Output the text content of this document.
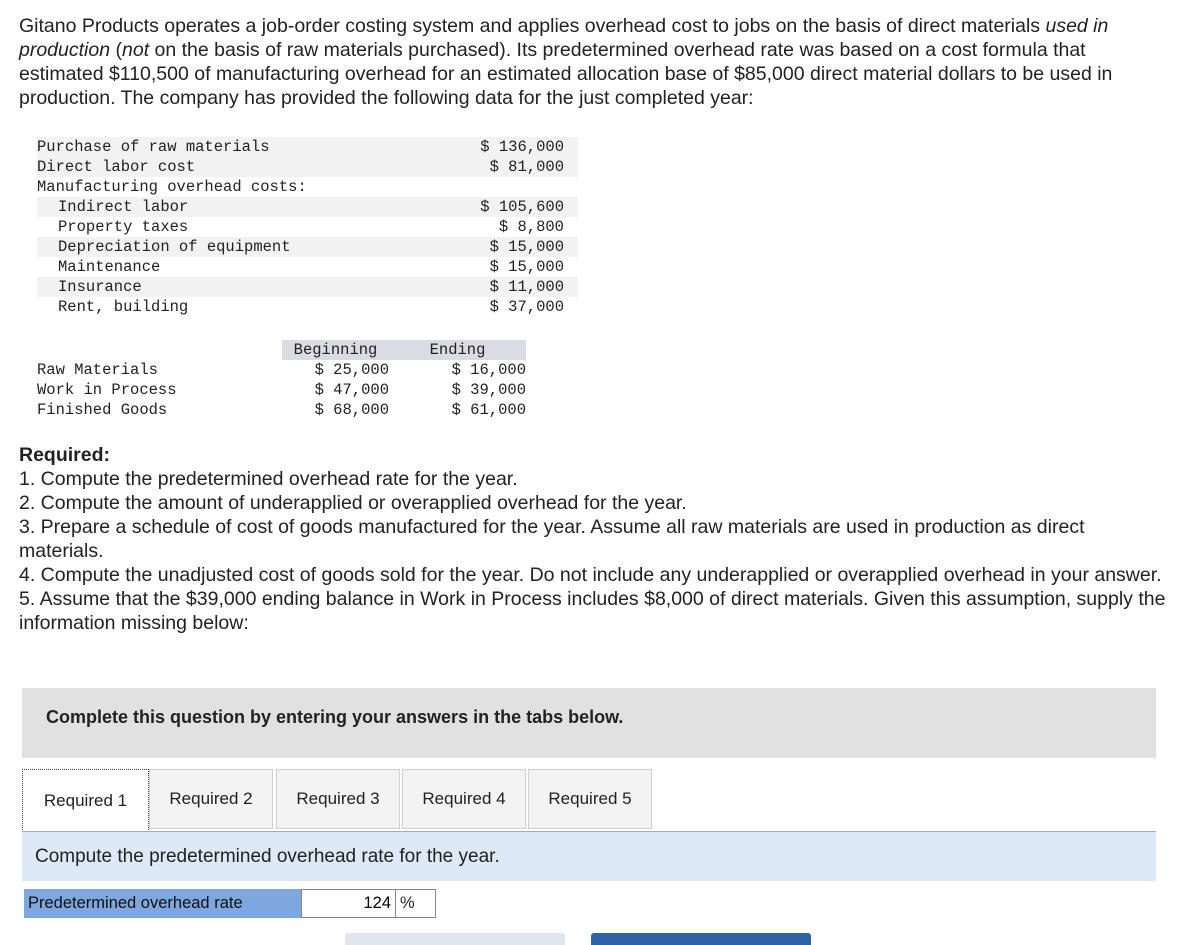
Gitano Products operates a job-order costing system and applies overhead cost to jobs on the basis of direct materials used in production (not on the basis of raw materials purchased). Its predetermined overhead rate was based on a cost formula that estimated $110,500 of manufacturing overhead for an estimated allocation base of $85,000 direct material dollars to be used in production. The company has provided the following data for the just completed year:
Purchase of raw materials	$ 136,000
Direct labor cost	$ 81,000
Manufacturing overhead costs:	
Indirect labor	$ 105,600
Property taxes	$ 8,800
Depreciation of equipment	$ 15,000
Maintenance	$ 15,000
Insurance	$ 11,000
Rent, building	$ 37,000
	Beginning	Ending
Raw Materials	$ 25,000	$ 16,000
Work in Process	$ 47,000	$ 39,000
Finished Goods	$ 68,000	$ 61,000
Required:
1. Compute the predetermined overhead rate for the year.
2. Compute the amount of underapplied or overapplied overhead for the year.
3. Prepare a schedule of cost of goods manufactured for the year. Assume all raw materials are used in production as direct materials.
4. Compute the unadjusted cost of goods sold for the year. Do not include any underapplied or overapplied overhead in your answer.
5. Assume that the $39,000 ending balance in Work in Process includes $8,000 of direct materials. Given this assumption, supply the information missing below:
Complete this question by entering your answers in the tabs below.
Required 1	Required 2	Required 3	Required 4	Required 5
Compute the predetermined overhead rate for the year.
Predetermined overhead rate
124	%
